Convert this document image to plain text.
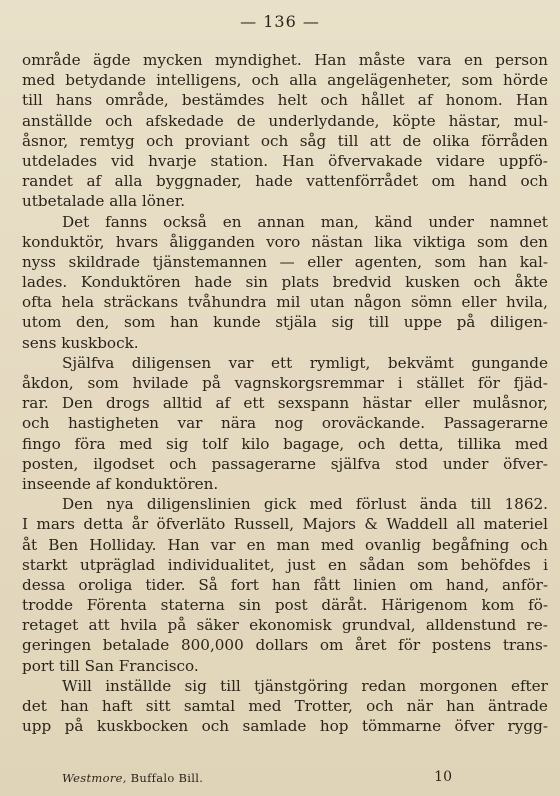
— 136 —
område ägde mycken myndighet. Han måste vara en person
med betydande intelligens, och alla angelägenheter, som hörde
till hans område, bestämdes helt och hållet af honom. Han
anställde och afskedade de underlydande, köpte hästar, mul-
åsnor, remtyg och proviant och såg till att de olika förråden
utdelades vid hvarje station. Han öfvervakade vidare uppfö-
randet af alla byggnader, hade vattenförrådet om hand och
utbetalade alla löner.
Det fanns också en annan man, känd under namnet
konduktör, hvars åligganden voro nästan lika viktiga som den
nyss skildrade tjänstemannen — eller agenten, som han kal-
lades. Konduktören hade sin plats bredvid kusken och åkte
ofta hela sträckans tvåhundra mil utan någon sömn eller hvila,
utom den, som han kunde stjäla sig till uppe på diligen-
sens kuskbock.
Själfva diligensen var ett rymligt, bekvämt gungande
åkdon, som hvilade på vagnskorgsremmar i stället för fjäd-
rar. Den drogs alltid af ett sexspann hästar eller mulåsnor,
och hastigheten var nära nog oroväckande. Passagerarne
fingo föra med sig tolf kilo bagage, och detta, tillika med
posten, ilgodset och passagerarne själfva stod under öfver-
inseende af konduktören.
Den nya diligenslinien gick med förlust ända till 1862.
I mars detta år öfverläto Russell, Majors & Waddell all materiel
åt Ben Holliday. Han var en man med ovanlig begåfning och
starkt utpräglad individualitet, just en sådan som behöfdes i
dessa oroliga tider. Så fort han fått linien om hand, anför-
trodde Förenta staterna sin post däråt. Härigenom kom fö-
retaget att hvila på säker ekonomisk grundval, alldenstund re-
geringen betalade 800,000 dollars om året för postens trans-
port till San Francisco.
Will inställde sig till tjänstgöring redan morgonen efter
det han haft sitt samtal med Trotter, och när han äntrade
upp på kuskbocken och samlade hop tömmarne öfver rygg-
Westmore, Buffalo Bill.	10
